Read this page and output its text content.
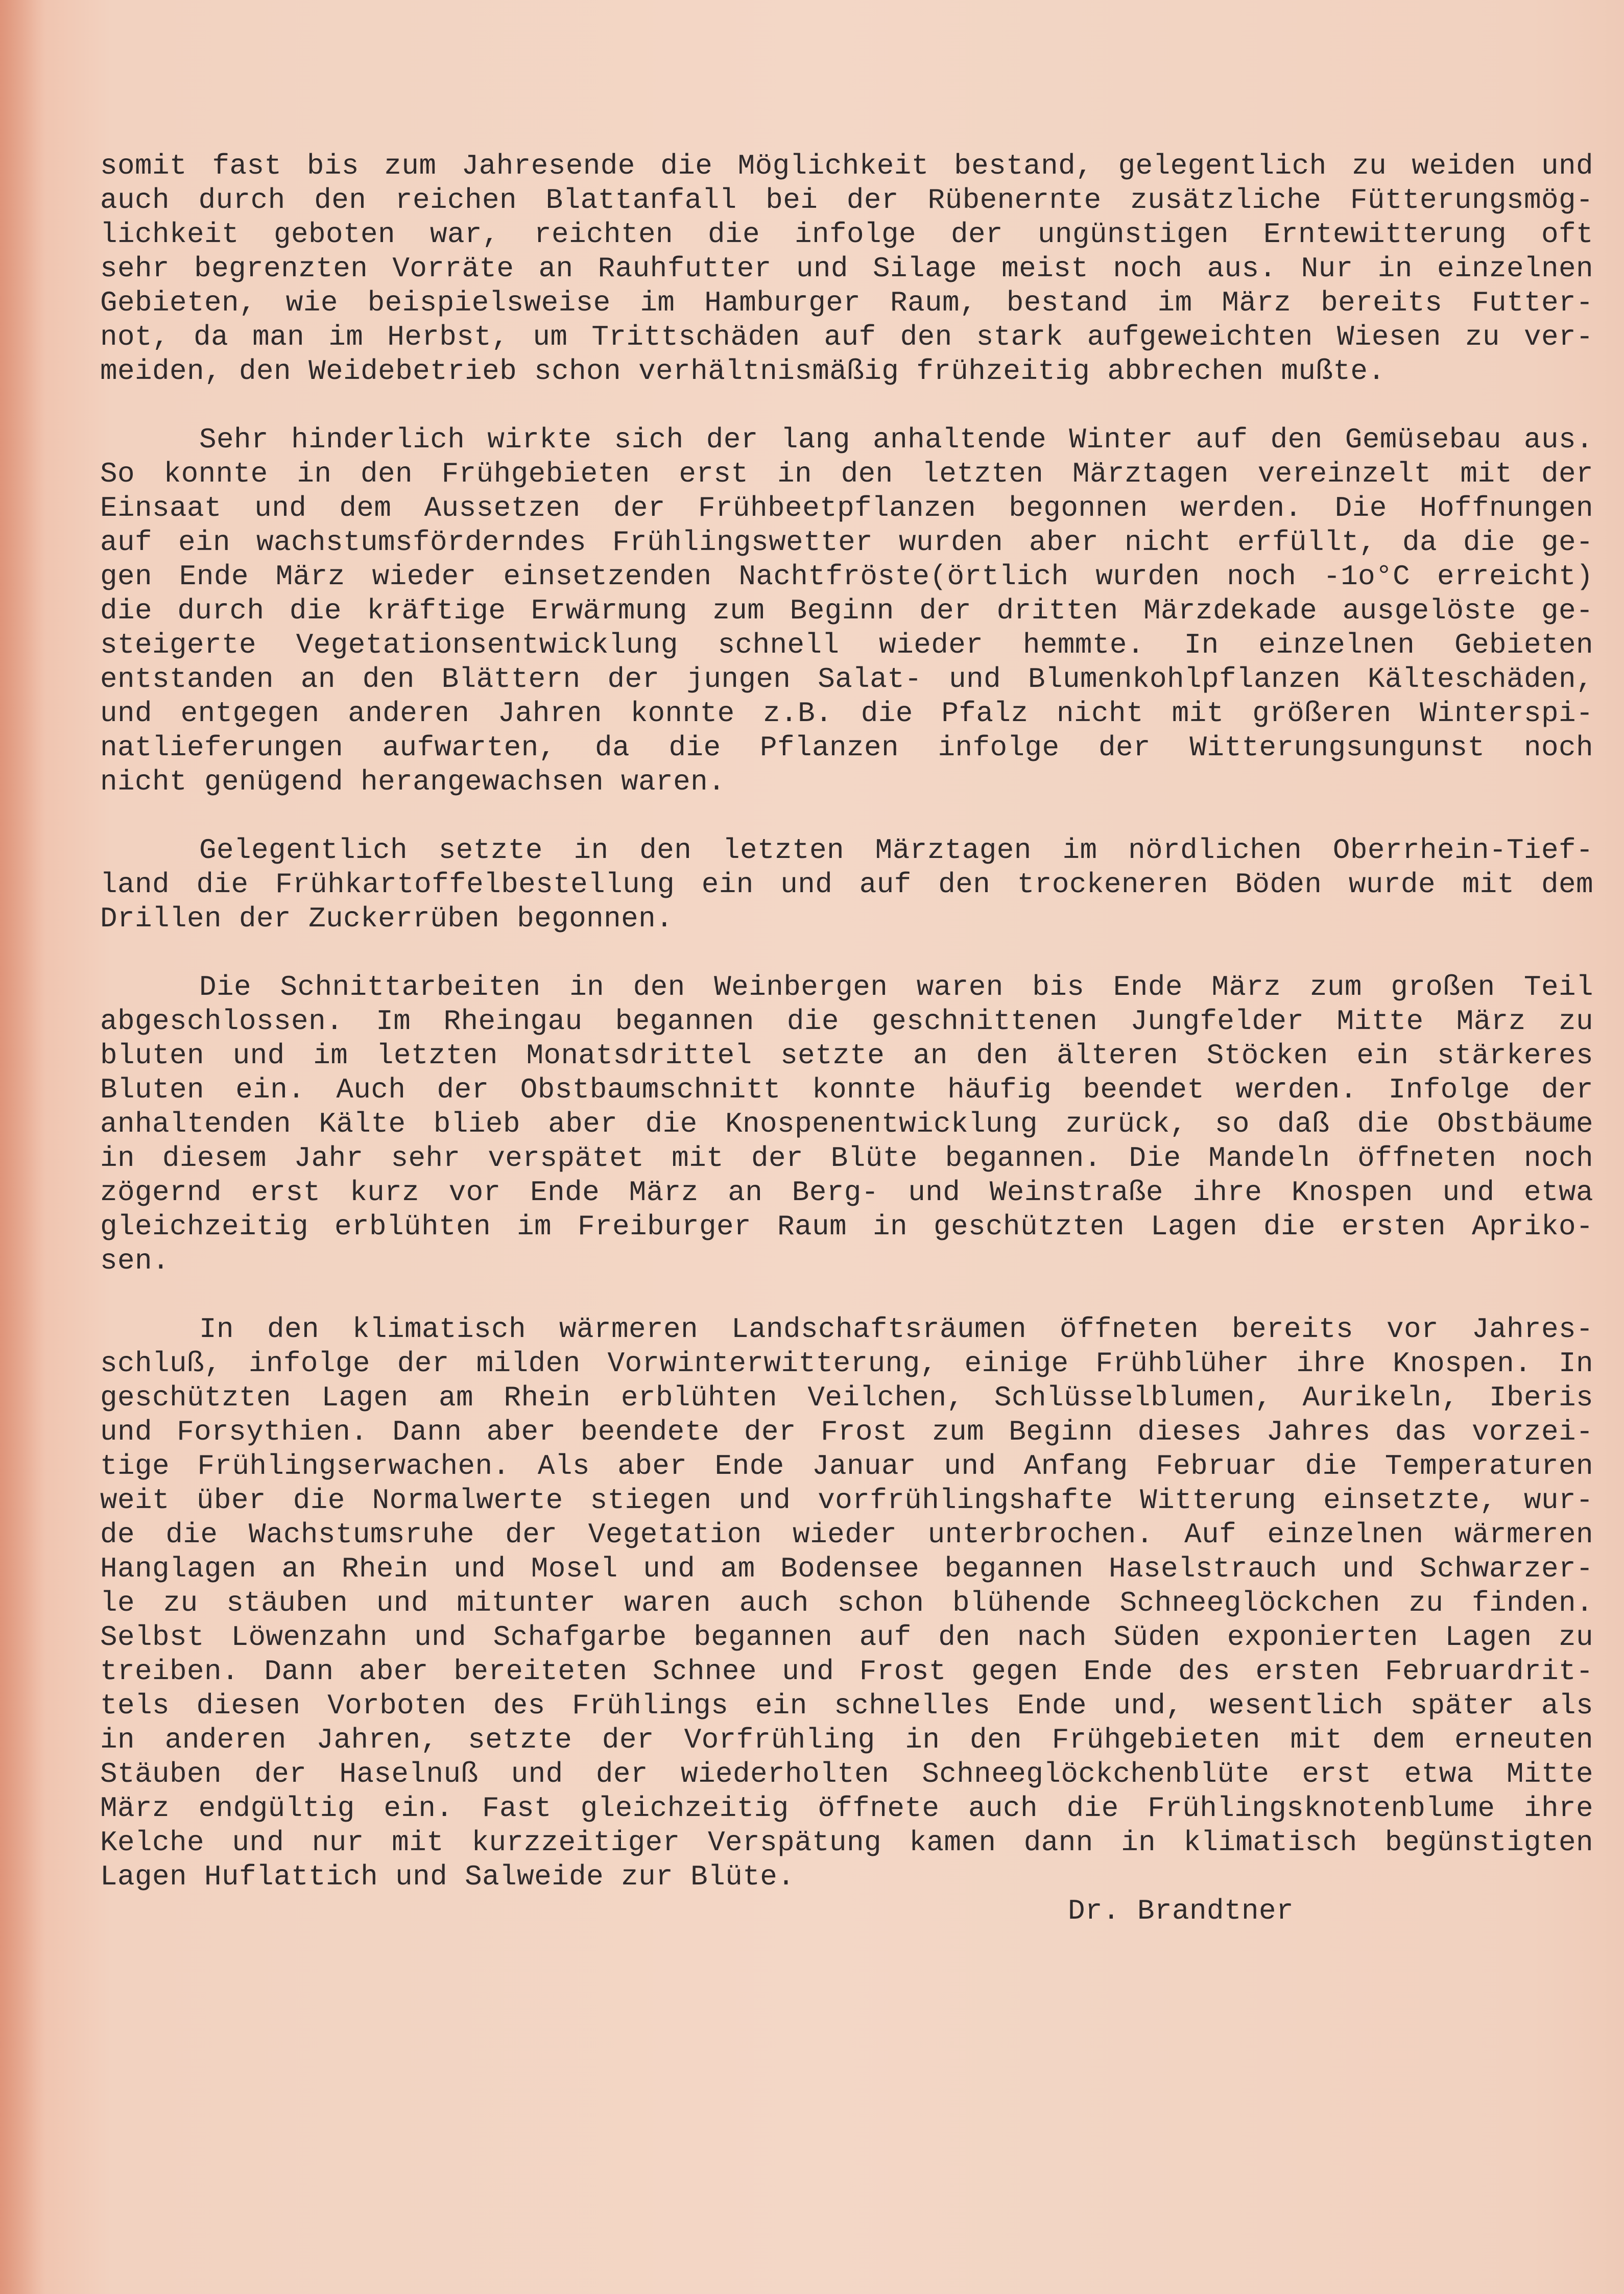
somit fast bis zum Jahresende die Möglichkeit bestand, gelegentlich zu weiden und
auch durch den reichen Blattanfall bei der Rübenernte zusätzliche Fütterungsmög-
lichkeit geboten war, reichten die infolge der ungünstigen Erntewitterung oft
sehr begrenzten Vorräte an Rauhfutter und Silage meist noch aus. Nur in einzelnen
Gebieten, wie beispielsweise im Hamburger Raum, bestand im März bereits Futter-
not, da man im Herbst, um Trittschäden auf den stark aufgeweichten Wiesen zu ver-
meiden, den Weidebetrieb schon verhältnismäßig frühzeitig abbrechen mußte.
Sehr hinderlich wirkte sich der lang anhaltende Winter auf den Gemüsebau aus.
So konnte in den Frühgebieten erst in den letzten Märztagen vereinzelt mit der
Einsaat und dem Aussetzen der Frühbeetpflanzen begonnen werden. Die Hoffnungen
auf ein wachstumsförderndes Frühlingswetter wurden aber nicht erfüllt, da die ge-
gen Ende März wieder einsetzenden Nachtfröste(örtlich wurden noch -1o°C erreicht)
die durch die kräftige Erwärmung zum Beginn der dritten Märzdekade ausgelöste ge-
steigerte Vegetationsentwicklung schnell wieder hemmte. In einzelnen Gebieten
entstanden an den Blättern der jungen Salat- und Blumenkohlpflanzen Kälteschäden,
und entgegen anderen Jahren konnte z.B. die Pfalz nicht mit größeren Winterspi-
natlieferungen aufwarten, da die Pflanzen infolge der Witterungsungunst noch
nicht genügend herangewachsen waren.
Gelegentlich setzte in den letzten Märztagen im nördlichen Oberrhein-Tief-
land die Frühkartoffelbestellung ein und auf den trockeneren Böden wurde mit dem
Drillen der Zuckerrüben begonnen.
Die Schnittarbeiten in den Weinbergen waren bis Ende März zum großen Teil
abgeschlossen. Im Rheingau begannen die geschnittenen Jungfelder Mitte März zu
bluten und im letzten Monatsdrittel setzte an den älteren Stöcken ein stärkeres
Bluten ein. Auch der Obstbaumschnitt konnte häufig beendet werden. Infolge der
anhaltenden Kälte blieb aber die Knospenentwicklung zurück, so daß die Obstbäume
in diesem Jahr sehr verspätet mit der Blüte begannen. Die Mandeln öffneten noch
zögernd erst kurz vor Ende März an Berg- und Weinstraße ihre Knospen und etwa
gleichzeitig erblühten im Freiburger Raum in geschützten Lagen die ersten Apriko-
sen.
In den klimatisch wärmeren Landschaftsräumen öffneten bereits vor Jahres-
schluß, infolge der milden Vorwinterwitterung, einige Frühblüher ihre Knospen. In
geschützten Lagen am Rhein erblühten Veilchen, Schlüsselblumen, Aurikeln, Iberis
und Forsythien. Dann aber beendete der Frost zum Beginn dieses Jahres das vorzei-
tige Frühlingserwachen. Als aber Ende Januar und Anfang Februar die Temperaturen
weit über die Normalwerte stiegen und vorfrühlingshafte Witterung einsetzte, wur-
de die Wachstumsruhe der Vegetation wieder unterbrochen. Auf einzelnen wärmeren
Hanglagen an Rhein und Mosel und am Bodensee begannen Haselstrauch und Schwarzer-
le zu stäuben und mitunter waren auch schon blühende Schneeglöckchen zu finden.
Selbst Löwenzahn und Schafgarbe begannen auf den nach Süden exponierten Lagen zu
treiben. Dann aber bereiteten Schnee und Frost gegen Ende des ersten Februardrit-
tels diesen Vorboten des Frühlings ein schnelles Ende und, wesentlich später als
in anderen Jahren, setzte der Vorfrühling in den Frühgebieten mit dem erneuten
Stäuben der Haselnuß und der wiederholten Schneeglöckchenblüte erst etwa Mitte
März endgültig ein. Fast gleichzeitig öffnete auch die Frühlingsknotenblume ihre
Kelche und nur mit kurzzeitiger Verspätung kamen dann in klimatisch begünstigten
Lagen Huflattich und Salweide zur Blüte.
Dr. Brandtner
